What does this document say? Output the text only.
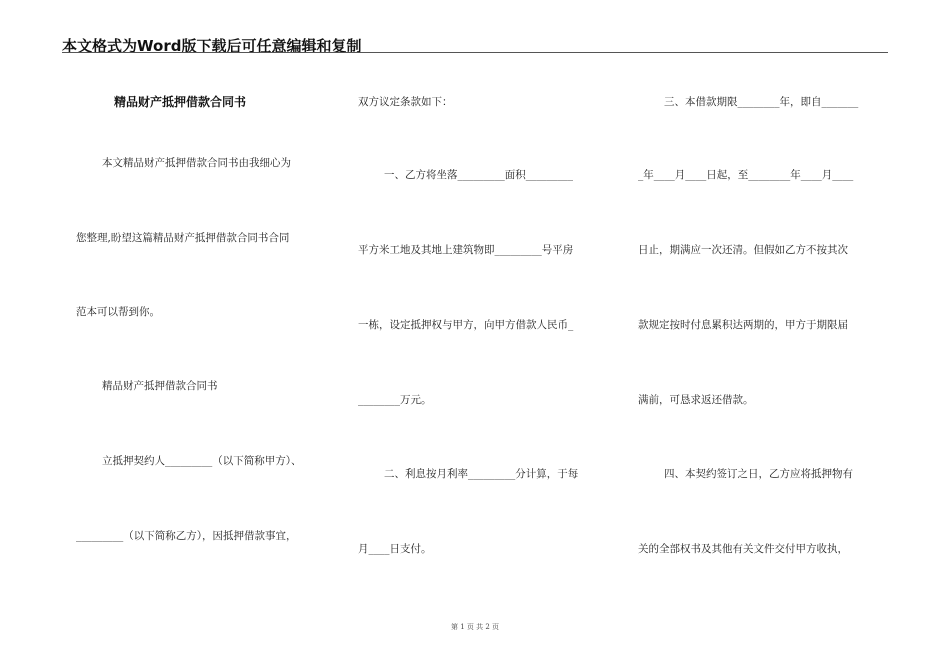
本文格式为Word版下载后可任意编辑和复制
精品财产抵押借款合同书
本文精品财产抵押借款合同书由我细心为
您整理,盼望这篇精品财产抵押借款合同书合同
范本可以帮到你。
精品财产抵押借款合同书
立抵押契约人_________（以下简称甲方）、
_________（以下简称乙方），因抵押借款事宜，
双方议定条款如下：
一、乙方将坐落_________面积_________
平方米工地及其地上建筑物即_________号平房
一栋，设定抵押权与甲方，向甲方借款人民币_
________万元。
二、利息按月利率_________分计算，于每
月____日支付。
三、本借款期限________年，即自_______
_年____月____日起，至________年____月____
日止，期满应一次还清。但假如乙方不按其次
款规定按时付息累积达两期的，甲方于期限届
满前，可恳求返还借款。
四、本契约签订之日，乙方应将抵押物有
关的全部权书及其他有关文件交付甲方收执，
第 1 页 共 2 页
